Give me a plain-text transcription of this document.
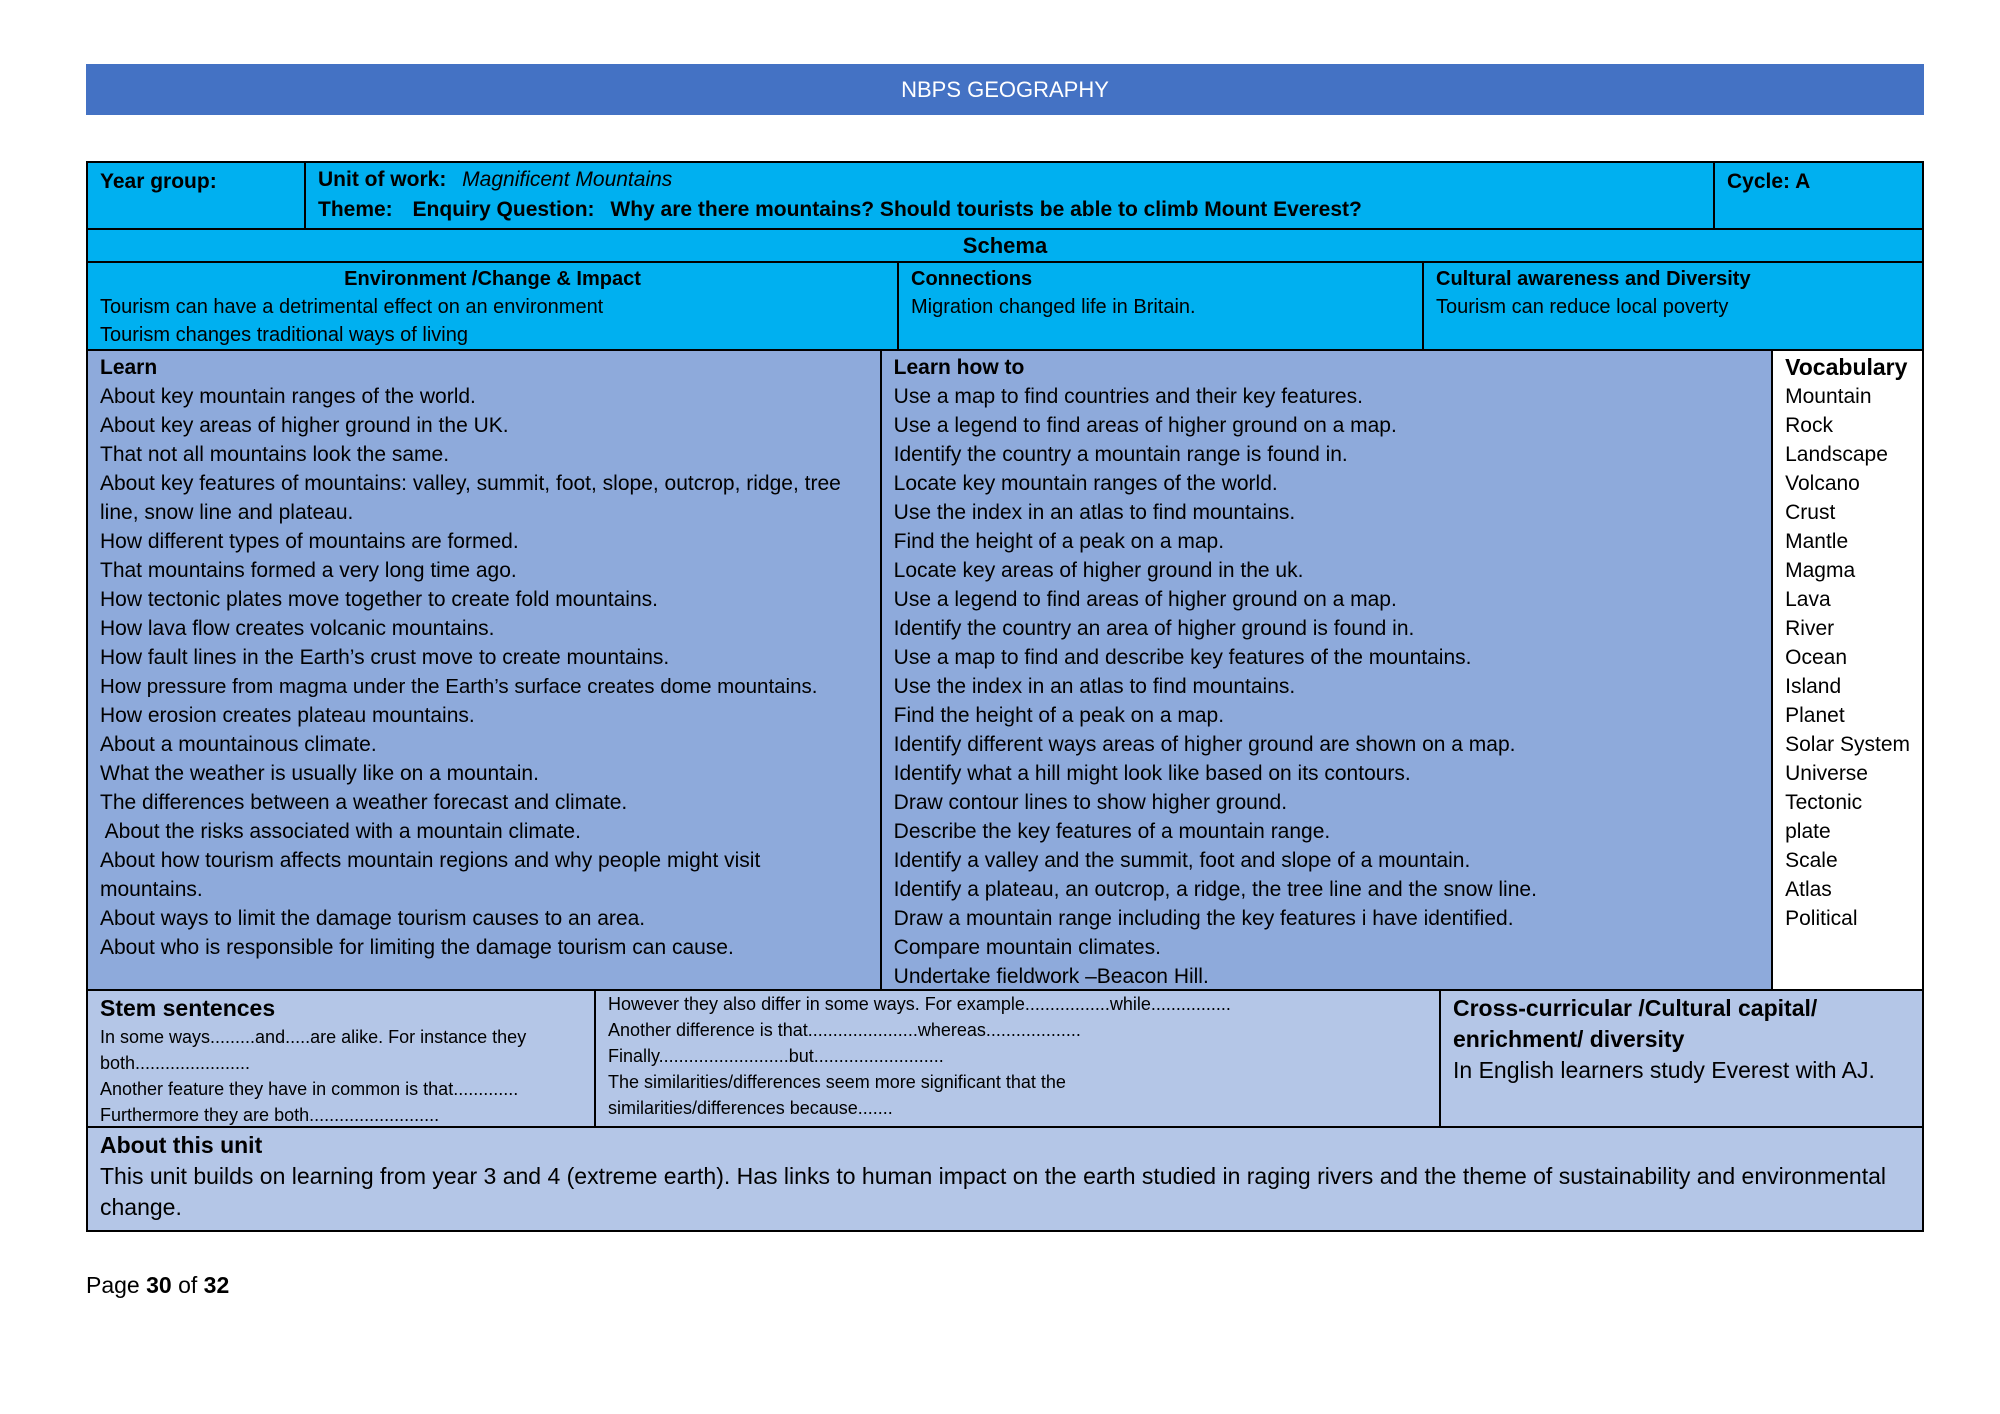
NBPS GEOGRAPHY
Year group:	Unit of work: Magnificent Mountains
Theme: Enquiry Question: Why are there mountains? Should tourists be able to climb Mount Everest?
Cycle: A
Schema
Environment /Change & Impact
Tourism can have a detrimental effect on an environment
Tourism changes traditional ways of living
Connections
Migration changed life in Britain.
Cultural awareness and Diversity
Tourism can reduce local poverty
Learn
About key mountain ranges of the world.
About key areas of higher ground in the UK.
That not all mountains look the same.
About key features of mountains: valley, summit, foot, slope, outcrop, ridge, tree line, snow line and plateau.
How different types of mountains are formed.
That mountains formed a very long time ago.
How tectonic plates move together to create fold mountains.
How lava flow creates volcanic mountains.
How fault lines in the Earth’s crust move to create mountains.
How pressure from magma under the Earth’s surface creates dome mountains.
How erosion creates plateau mountains.
About a mountainous climate.
What the weather is usually like on a mountain.
The differences between a weather forecast and climate.
About the risks associated with a mountain climate.
About how tourism affects mountain regions and why people might visit mountains.
About ways to limit the damage tourism causes to an area.
About who is responsible for limiting the damage tourism can cause.
Learn how to
Use a map to find countries and their key features.
Use a legend to find areas of higher ground on a map.
Identify the country a mountain range is found in.
Locate key mountain ranges of the world.
Use the index in an atlas to find mountains.
Find the height of a peak on a map.
Locate key areas of higher ground in the uk.
Use a legend to find areas of higher ground on a map.
Identify the country an area of higher ground is found in.
Use a map to find and describe key features of the mountains.
Use the index in an atlas to find mountains.
Find the height of a peak on a map.
Identify different ways areas of higher ground are shown on a map.
Identify what a hill might look like based on its contours.
Draw contour lines to show higher ground.
Describe the key features of a mountain range.
Identify a valley and the summit, foot and slope of a mountain.
Identify a plateau, an outcrop, a ridge, the tree line and the snow line.
Draw a mountain range including the key features i have identified.
Compare mountain climates.
Undertake fieldwork –Beacon Hill.
Vocabulary
Mountain
Rock
Landscape
Volcano
Crust
Mantle
Magma
Lava
River
Ocean
Island
Planet
Solar System
Universe
Tectonic
plate
Scale
Atlas
Political
Stem sentences
In some ways.........and.....are alike. For instance they both.......................
Another feature they have in common is that.............
Furthermore they are both..........................
However they also differ in some ways. For example.................while................
Another difference is that......................whereas...................
Finally..........................but..........................
The similarities/differences seem more significant that the similarities/differences because.......
Cross-curricular /Cultural capital/ enrichment/ diversity
In English learners study Everest with AJ.
About this unit
This unit builds on learning from year 3 and 4 (extreme earth). Has links to human impact on the earth studied in raging rivers and the theme of sustainability and environmental change.
Page 30 of 32
